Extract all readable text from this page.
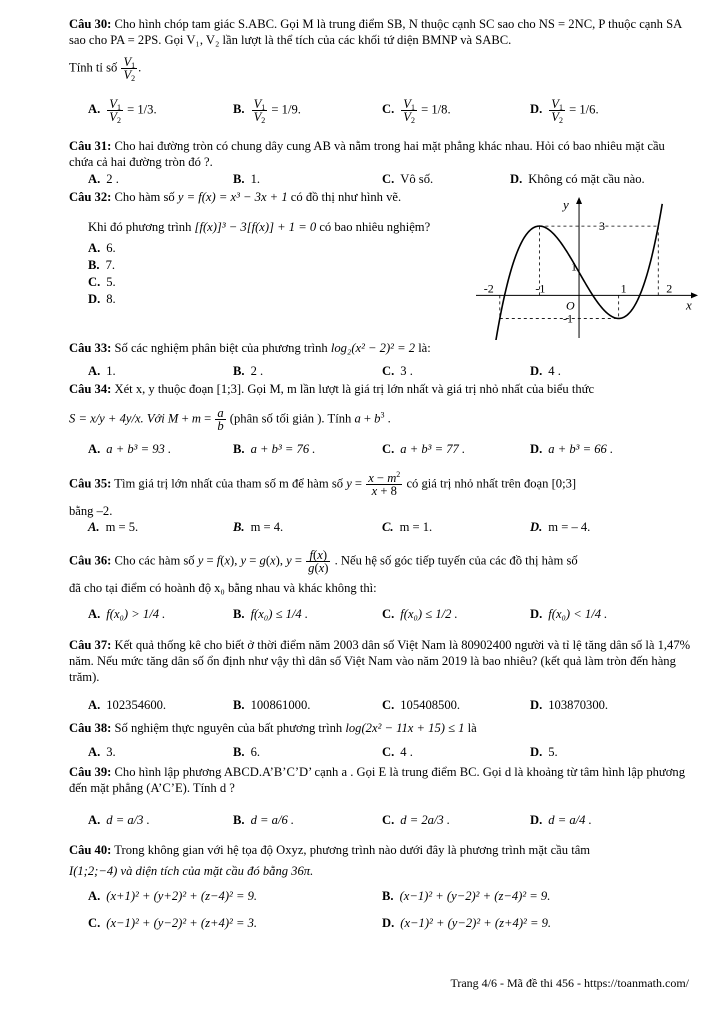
Câu 30: Cho hình chóp tam giác S.ABC. Gọi M là trung điểm SB, N thuộc cạnh SC sao cho NS = 2NC, P thuộc cạnh SA sao cho PA = 2PS. Gọi V₁, V₂ lần lượt là thể tích của các khối tứ diện BMNP và SABC.
Tính tỉ số $\frac{V_1}{V_2}$ .
A. $\frac{V_1}{V_2} = 1/3$.	B. $\frac{V_1}{V_2} = 1/9$.	C. $\frac{V_1}{V_2} = 1/8$.	D. $\frac{V_1}{V_2} = 1/6$.
Câu 31: Cho hai đường tròn có chung dây cung AB và nằm trong hai mặt phẳng khác nhau. Hỏi có bao nhiêu mặt cầu chứa cả hai đường tròn đó ?.
A. 2 .	B. 1.	C. Vô số.	D. Không có mặt cầu nào.
Câu 32: Cho hàm số y = f(x) = x³ − 3x + 1 có đồ thị như hình vẽ.
Khi đó phương trình [f(x)]³ − 3[f(x)] + 1 = 0 có bao nhiêu nghiệm?
A. 6.
B. 7.
C. 5.
D. 8.
y
x
O
3
1
-1
-2	-1	1	2
Câu 33: Số các nghiệm phân biệt của phương trình log₂(x² − 2)² = 2 là:
A. 1.	B. 2 .	C. 3 .	D. 4 .
Câu 34: Xét x, y thuộc đoạn [1;3]. Gọi M, m lần lượt là giá trị lớn nhất và giá trị nhỏ nhất của biểu thức
S = x/y + 4y/x. Với $M + m = \frac{a}{b}$ (phân số tối giản ). Tính $a + b^3$ .
A. a + b³ = 93 .	B. a + b³ = 76 .	C. a + b³ = 77 .	D. a + b³ = 66 .
Câu 35: Tìm giá trị lớn nhất của tham số m để hàm số $y = \frac{x - m^2}{x + 8}$ có giá trị nhỏ nhất trên đoạn [0;3]
bằng –2.
A. m = 5.	B. m = 4.	C. m = 1.	D. m = – 4.
Câu 36: Cho các hàm số y = f(x), y = g(x), $y = \frac{f(x)}{g(x)}$ . Nếu hệ số góc tiếp tuyến của các đồ thị hàm số
đã cho tại điểm có hoành độ x₀ bằng nhau và khác không thì:
A. f(x₀) > 1/4 .	B. f(x₀) ≤ 1/4 .	C. f(x₀) ≤ 1/2 .	D. f(x₀) < 1/4 .
Câu 37: Kết quả thống kê cho biết ở thời điểm năm 2003 dân số Việt Nam là 80902400 người và tỉ lệ tăng dân số là 1,47% năm. Nếu mức tăng dân số ổn định như vậy thì dân số Việt Nam vào năm 2019 là bao nhiêu? (kết quả làm tròn đến hàng trăm).
A. 102354600.	B. 100861000.	C. 105408500.	D. 103870300.
Câu 38: Số nghiệm thực nguyên của bất phương trình log(2x² − 11x + 15) ≤ 1 là
A. 3.	B. 6.	C. 4 .	D. 5.
Câu 39: Cho hình lập phương ABCD.A’B’C’D’ cạnh a . Gọi E là trung điểm BC. Gọi d là khoảng từ tâm hình lập phương đến mặt phẳng (A’C’E). Tính d ?
A. d = a/3 .	B. d = a/6 .	C. d = 2a/3 .	D. d = a/4 .
Câu 40: Trong không gian với hệ tọa độ Oxyz, phương trình nào dưới đây là phương trình mặt cầu tâm
I(1;2;−4) và diện tích của mặt cầu đó bằng 36π.
A. (x+1)² + (y+2)² + (z−4)² = 9.	B. (x−1)² + (y−2)² + (z−4)² = 9.
C. (x−1)² + (y−2)² + (z+4)² = 3.	D. (x−1)² + (y−2)² + (z+4)² = 9.
Trang 4/6 - Mã đề thi 456 - https://toanmath.com/
